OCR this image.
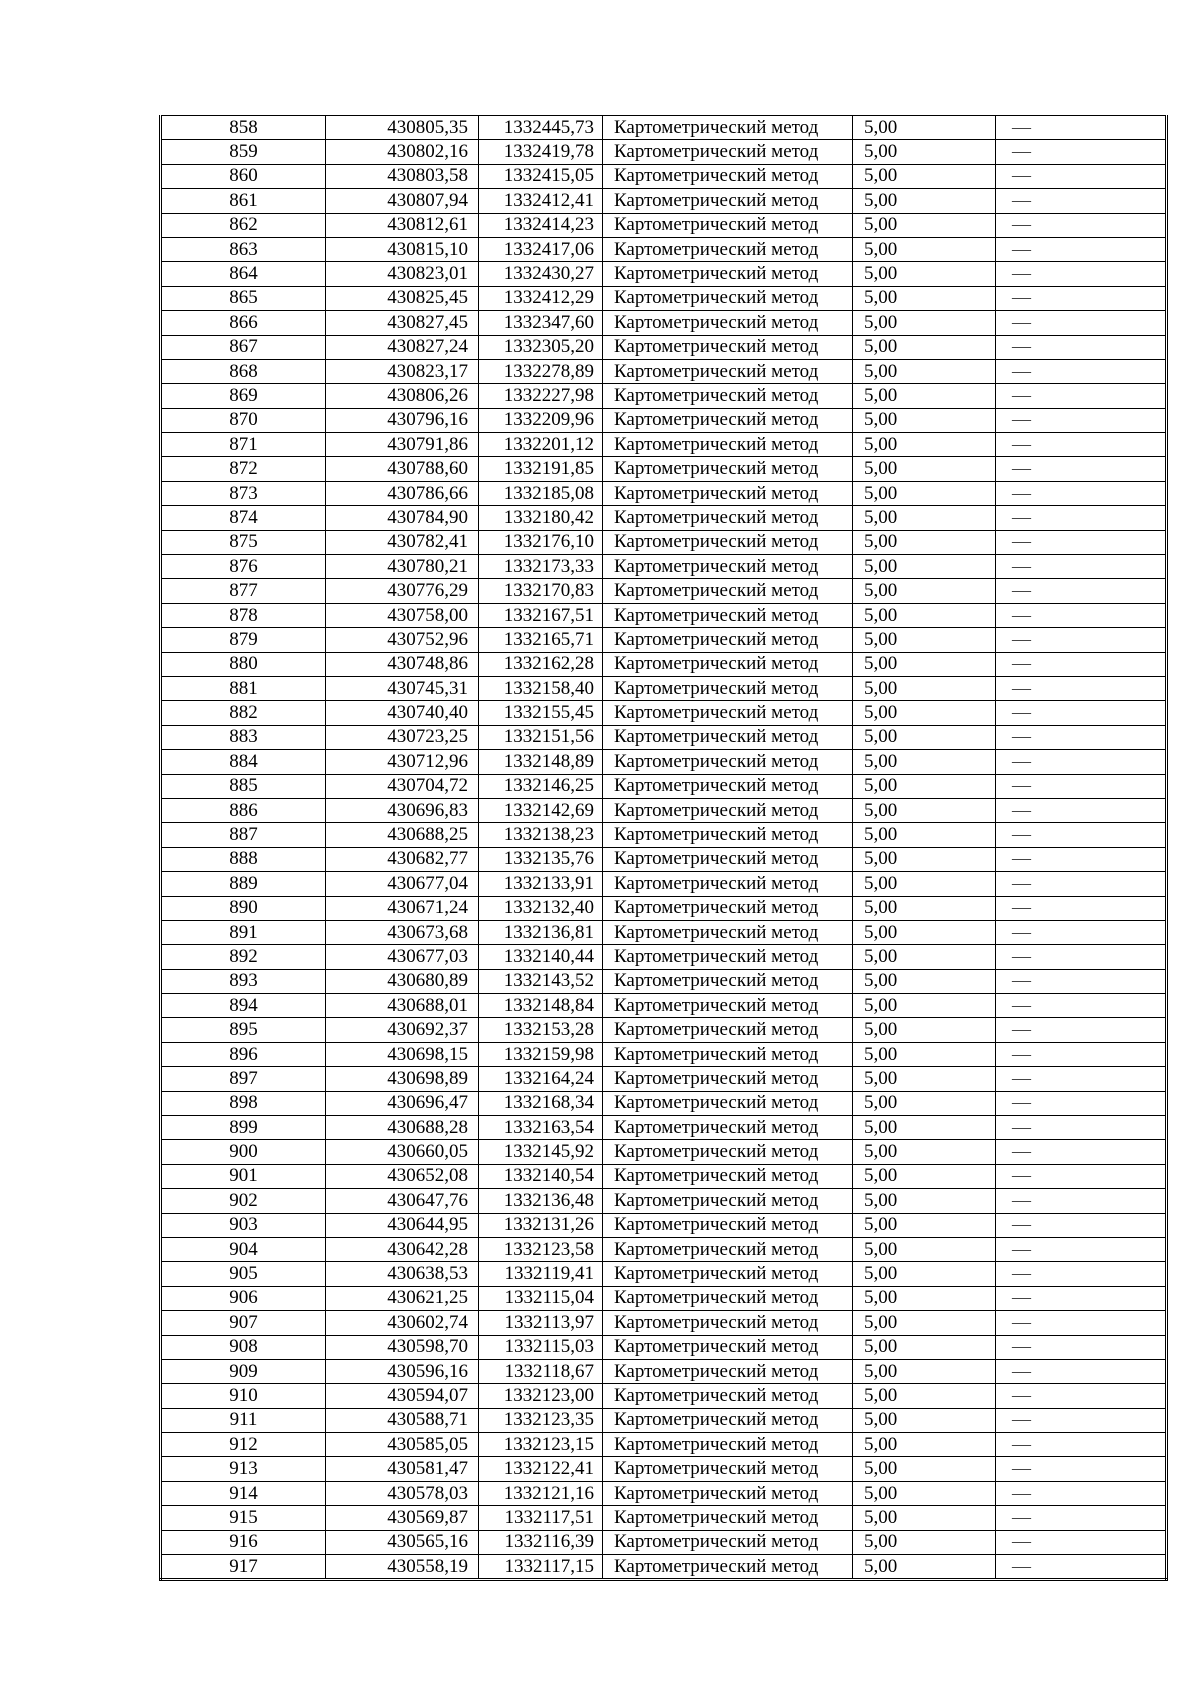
858	430805,35	1332445,73	Картометрический метод	5,00	—
859	430802,16	1332419,78	Картометрический метод	5,00	—
860	430803,58	1332415,05	Картометрический метод	5,00	—
861	430807,94	1332412,41	Картометрический метод	5,00	—
862	430812,61	1332414,23	Картометрический метод	5,00	—
863	430815,10	1332417,06	Картометрический метод	5,00	—
864	430823,01	1332430,27	Картометрический метод	5,00	—
865	430825,45	1332412,29	Картометрический метод	5,00	—
866	430827,45	1332347,60	Картометрический метод	5,00	—
867	430827,24	1332305,20	Картометрический метод	5,00	—
868	430823,17	1332278,89	Картометрический метод	5,00	—
869	430806,26	1332227,98	Картометрический метод	5,00	—
870	430796,16	1332209,96	Картометрический метод	5,00	—
871	430791,86	1332201,12	Картометрический метод	5,00	—
872	430788,60	1332191,85	Картометрический метод	5,00	—
873	430786,66	1332185,08	Картометрический метод	5,00	—
874	430784,90	1332180,42	Картометрический метод	5,00	—
875	430782,41	1332176,10	Картометрический метод	5,00	—
876	430780,21	1332173,33	Картометрический метод	5,00	—
877	430776,29	1332170,83	Картометрический метод	5,00	—
878	430758,00	1332167,51	Картометрический метод	5,00	—
879	430752,96	1332165,71	Картометрический метод	5,00	—
880	430748,86	1332162,28	Картометрический метод	5,00	—
881	430745,31	1332158,40	Картометрический метод	5,00	—
882	430740,40	1332155,45	Картометрический метод	5,00	—
883	430723,25	1332151,56	Картометрический метод	5,00	—
884	430712,96	1332148,89	Картометрический метод	5,00	—
885	430704,72	1332146,25	Картометрический метод	5,00	—
886	430696,83	1332142,69	Картометрический метод	5,00	—
887	430688,25	1332138,23	Картометрический метод	5,00	—
888	430682,77	1332135,76	Картометрический метод	5,00	—
889	430677,04	1332133,91	Картометрический метод	5,00	—
890	430671,24	1332132,40	Картометрический метод	5,00	—
891	430673,68	1332136,81	Картометрический метод	5,00	—
892	430677,03	1332140,44	Картометрический метод	5,00	—
893	430680,89	1332143,52	Картометрический метод	5,00	—
894	430688,01	1332148,84	Картометрический метод	5,00	—
895	430692,37	1332153,28	Картометрический метод	5,00	—
896	430698,15	1332159,98	Картометрический метод	5,00	—
897	430698,89	1332164,24	Картометрический метод	5,00	—
898	430696,47	1332168,34	Картометрический метод	5,00	—
899	430688,28	1332163,54	Картометрический метод	5,00	—
900	430660,05	1332145,92	Картометрический метод	5,00	—
901	430652,08	1332140,54	Картометрический метод	5,00	—
902	430647,76	1332136,48	Картометрический метод	5,00	—
903	430644,95	1332131,26	Картометрический метод	5,00	—
904	430642,28	1332123,58	Картометрический метод	5,00	—
905	430638,53	1332119,41	Картометрический метод	5,00	—
906	430621,25	1332115,04	Картометрический метод	5,00	—
907	430602,74	1332113,97	Картометрический метод	5,00	—
908	430598,70	1332115,03	Картометрический метод	5,00	—
909	430596,16	1332118,67	Картометрический метод	5,00	—
910	430594,07	1332123,00	Картометрический метод	5,00	—
911	430588,71	1332123,35	Картометрический метод	5,00	—
912	430585,05	1332123,15	Картометрический метод	5,00	—
913	430581,47	1332122,41	Картометрический метод	5,00	—
914	430578,03	1332121,16	Картометрический метод	5,00	—
915	430569,87	1332117,51	Картометрический метод	5,00	—
916	430565,16	1332116,39	Картометрический метод	5,00	—
917	430558,19	1332117,15	Картометрический метод	5,00	—
